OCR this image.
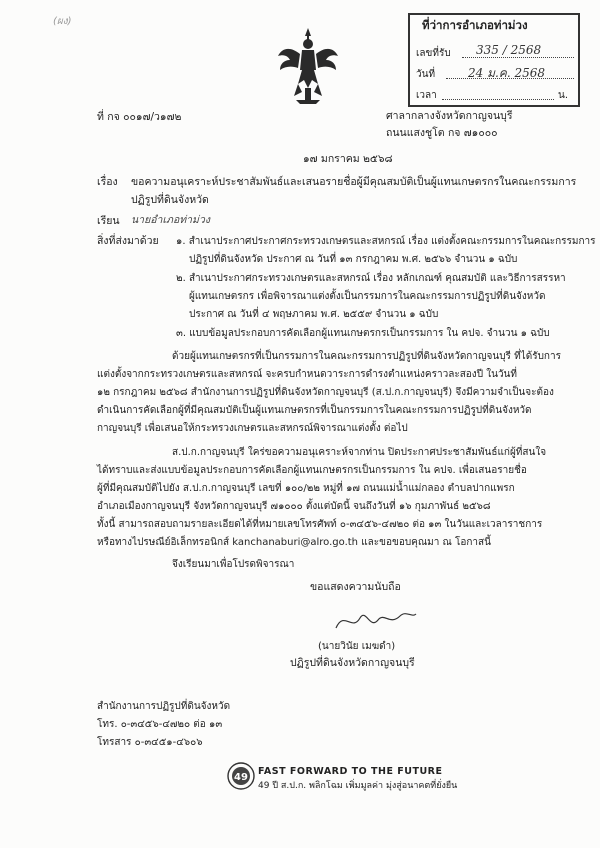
(ผง)	ที่ว่าการอำเภอท่าม่วง
เลขที่รับ 335 / 2568
วันที่	24 ม.ค. 2568
เวลา	น.
ที่ กจ ๐๐๑๗/ว๑๗๒	ศาลากลางจังหวัดกาญจนบุรี
ถนนแสงชูโต กจ ๗๑๐๐๐
๑๗ มกราคม ๒๕๖๘
เรื่อง ขอความอนุเคราะห์ประชาสัมพันธ์และเสนอรายชื่อผู้มีคุณสมบัติเป็นผู้แทนเกษตรกรในคณะกรรมการ
ปฏิรูปที่ดินจังหวัด
เรียน นายอำเภอท่าม่วง
สิ่งที่ส่งมาด้วย ๑. สำเนาประกาศประกาศกระทรวงเกษตรและสหกรณ์ เรื่อง แต่งตั้งคณะกรรมการในคณะกรรมการ
ปฏิรูปที่ดินจังหวัด ประกาศ ณ วันที่ ๑๓ กรกฎาคม พ.ศ. ๒๕๖๖ จำนวน ๑ ฉบับ
๒. สำเนาประกาศกระทรวงเกษตรและสหกรณ์ เรื่อง หลักเกณฑ์ คุณสมบัติ และวิธีการสรรหา
ผู้แทนเกษตรกร เพื่อพิจารณาแต่งตั้งเป็นกรรมการในคณะกรรมการปฏิรูปที่ดินจังหวัด
ประกาศ ณ วันที่ ๔ พฤษภาคม พ.ศ. ๒๕๕๙ จำนวน ๑ ฉบับ
๓. แบบข้อมูลประกอบการคัดเลือกผู้แทนเกษตรกรเป็นกรรมการ ใน คปจ. จำนวน ๑ ฉบับ
ด้วยผู้แทนเกษตรกรที่เป็นกรรมการในคณะกรรมการปฏิรูปที่ดินจังหวัดกาญจนบุรี ที่ได้รับการ
แต่งตั้งจากกระทรวงเกษตรและสหกรณ์ จะครบกำหนดวาระการดำรงตำแหน่งคราวละสองปี ในวันที่
๑๒ กรกฎาคม ๒๕๖๘ สำนักงานการปฏิรูปที่ดินจังหวัดกาญจนบุรี (ส.ป.ก.กาญจนบุรี) จึงมีความจำเป็นจะต้อง
ดำเนินการคัดเลือกผู้ที่มีคุณสมบัติเป็นผู้แทนเกษตรกรที่เป็นกรรมการในคณะกรรมการปฏิรูปที่ดินจังหวัด
กาญจนบุรี เพื่อเสนอให้กระทรวงเกษตรและสหกรณ์พิจารณาแต่งตั้ง ต่อไป
ส.ป.ก.กาญจนบุรี ใคร่ขอความอนุเคราะห์จากท่าน ปิดประกาศประชาสัมพันธ์แก่ผู้ที่สนใจ
ได้ทราบและส่งแบบข้อมูลประกอบการคัดเลือกผู้แทนเกษตรกรเป็นกรรมการ ใน คปจ. เพื่อเสนอรายชื่อ
ผู้ที่มีคุณสมบัติไปยัง ส.ป.ก.กาญจนบุรี เลขที่ ๑๐๐/๒๒ หมู่ที่ ๑๗ ถนนแม่น้ำแม่กลอง ตำบลปากแพรก
อำเภอเมืองกาญจนบุรี จังหวัดกาญจนบุรี ๗๑๐๐๐ ตั้งแต่บัดนี้ จนถึงวันที่ ๑๖ กุมภาพันธ์ ๒๕๖๘
ทั้งนี้ สามารถสอบถามรายละเอียดได้ที่หมายเลขโทรศัพท์ ๐-๓๔๕๖-๔๗๒๐ ต่อ ๑๓ ในวันและเวลาราชการ
หรือทางไปรษณีย์อิเล็กทรอนิกส์ kanchanaburi@alro.go.th และขอขอบคุณมา ณ โอกาสนี้
จึงเรียนมาเพื่อโปรดพิจารณา
ขอแสดงความนับถือ
(นายวินัย เมฆดำ)
ปฏิรูปที่ดินจังหวัดกาญจนบุรี
สำนักงานการปฏิรูปที่ดินจังหวัด
โทร. ๐-๓๔๕๖-๔๗๒๐ ต่อ ๑๓
โทรสาร ๐-๓๔๕๑-๔๖๐๖
49
FAST FORWARD TO THE FUTURE
49 ปี ส.ป.ก. พลิกโฉม เพิ่มมูลค่า มุ่งสู่อนาคตที่ยั่งยืน
